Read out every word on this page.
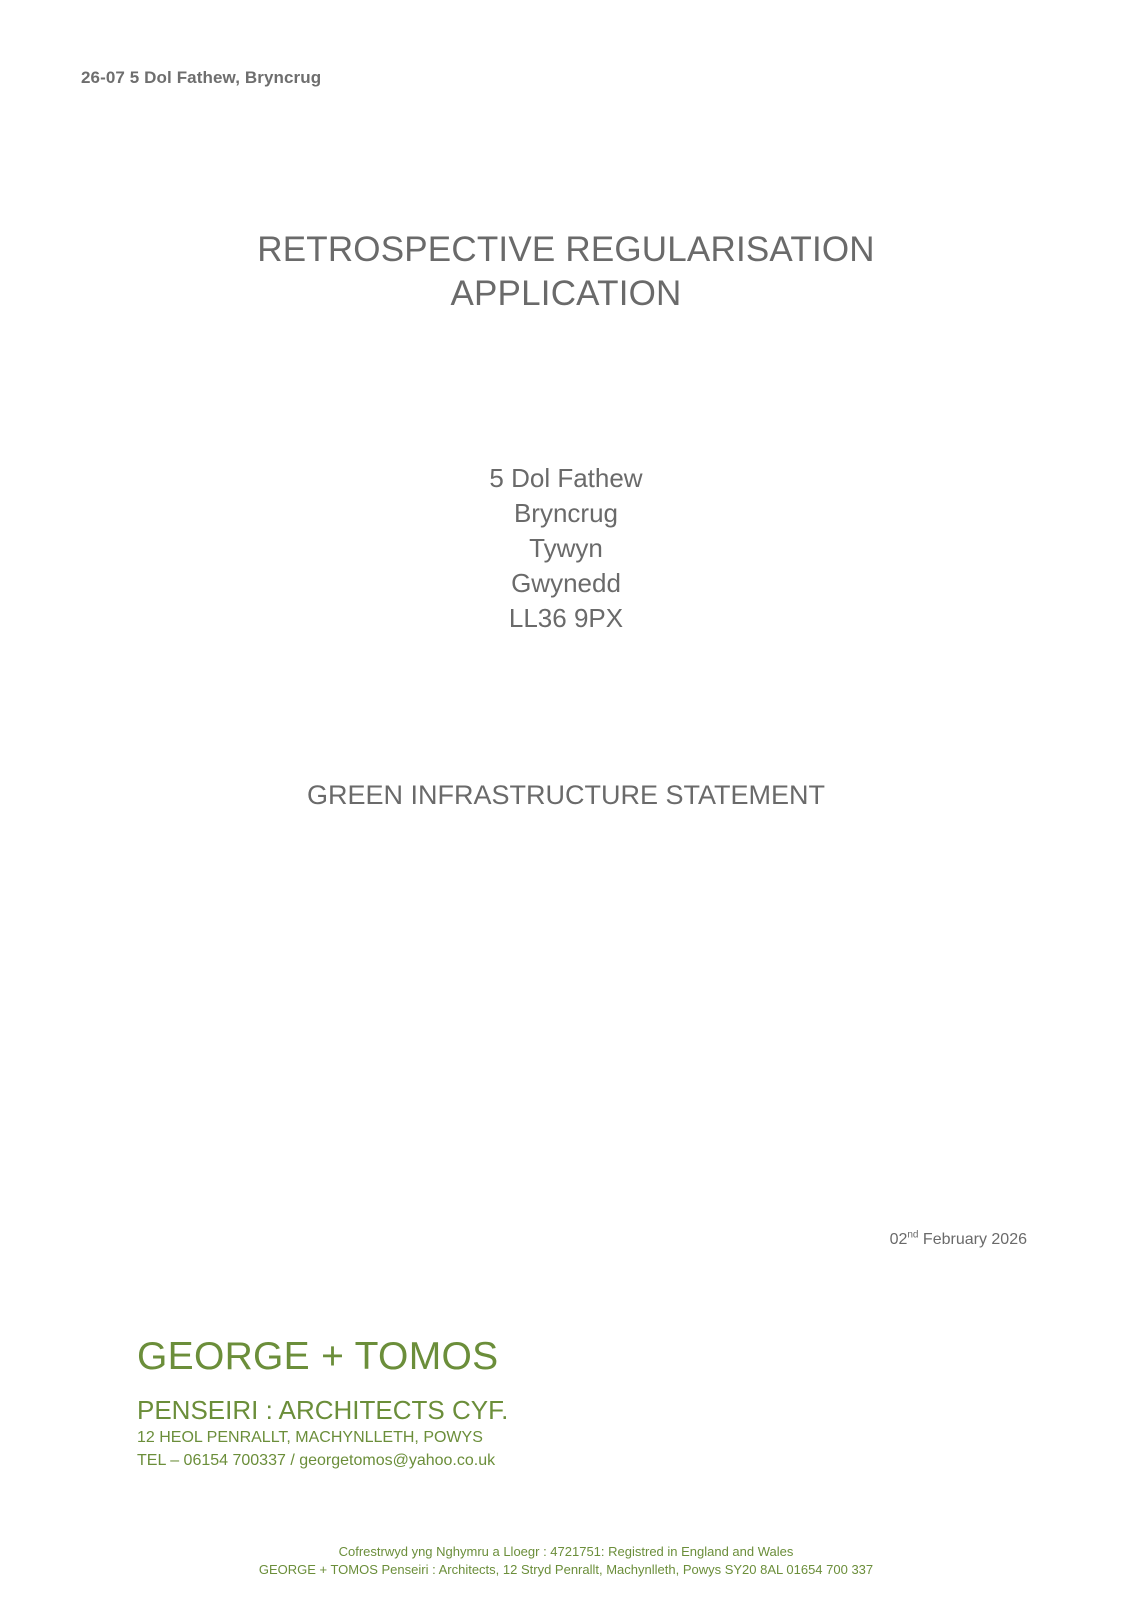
26-07 5 Dol Fathew, Bryncrug
RETROSPECTIVE REGULARISATION
APPLICATION
5 Dol Fathew
Bryncrug
Tywyn
Gwynedd
LL36 9PX
GREEN INFRASTRUCTURE STATEMENT
02nd February 2026
GEORGE + TOMOS
PENSEIRI : ARCHITECTS CYF.
12 HEOL PENRALLT, MACHYNLLETH, POWYS
TEL – 06154 700337 / georgetomos@yahoo.co.uk
Cofrestrwyd yng Nghymru a Lloegr : 4721751: Registred in England and Wales
GEORGE + TOMOS Penseiri : Architects, 12 Stryd Penrallt, Machynlleth, Powys SY20 8AL 01654 700 337
